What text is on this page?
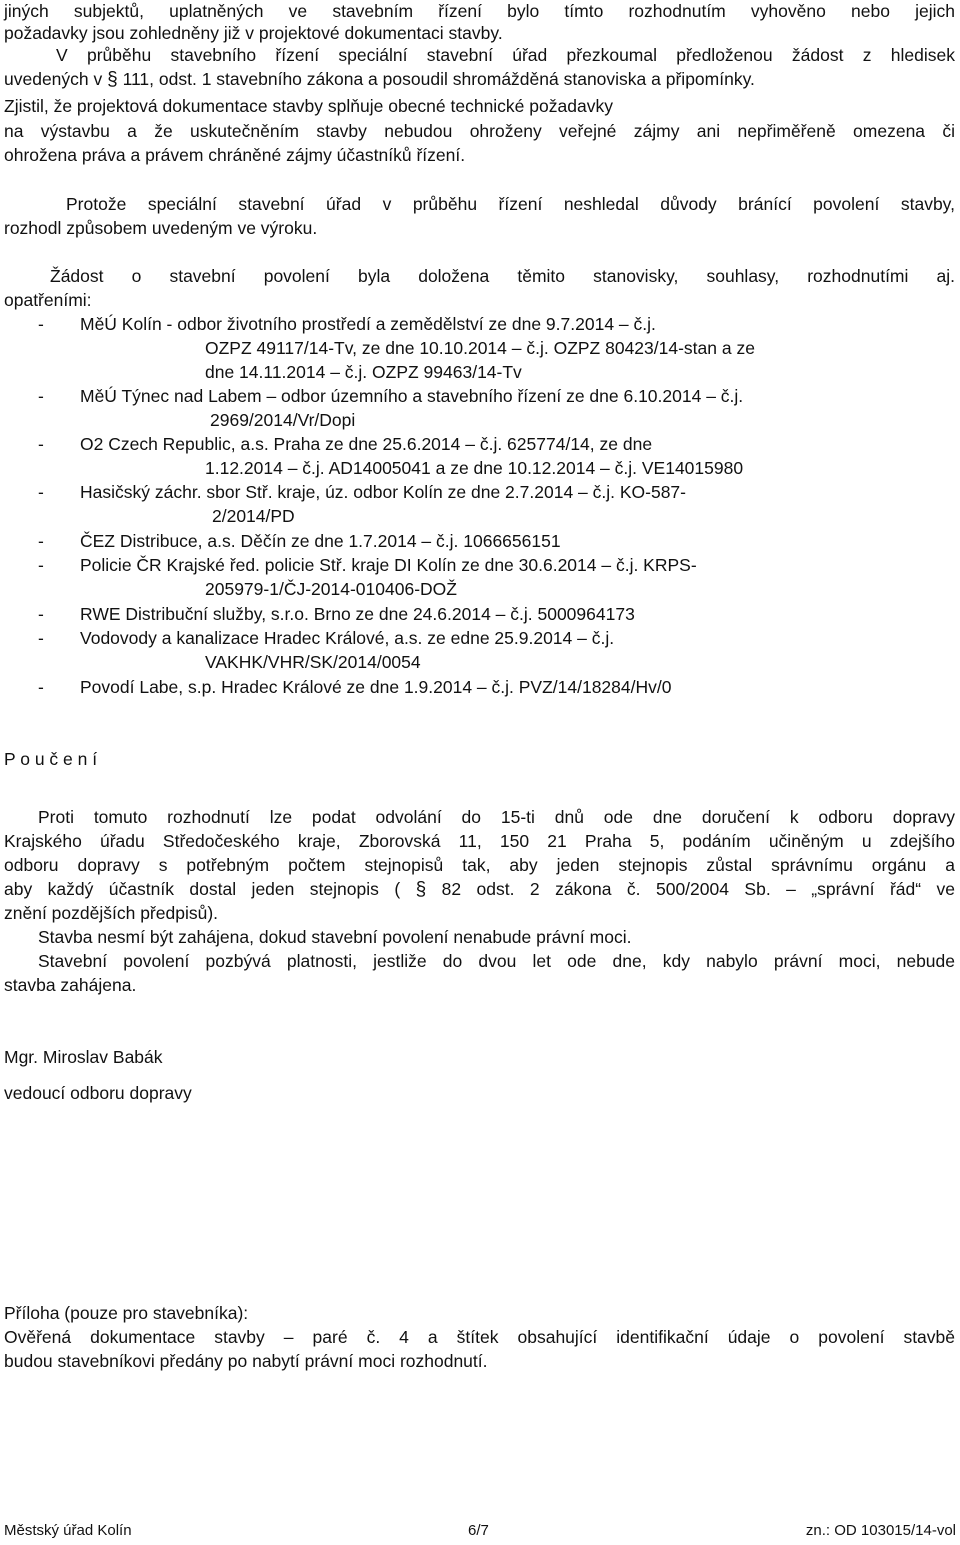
jiných subjektů, uplatněných ve stavebním řízení bylo tímto rozhodnutím vyhověno nebo jejich
požadavky jsou zohledněny již v projektové dokumentaci stavby.
V průběhu stavebního řízení speciální stavební úřad přezkoumal předloženou žádost z hledisek
uvedených v § 111, odst. 1 stavebního zákona a posoudil shromážděná stanoviska a připomínky.
Zjistil, že projektová dokumentace stavby splňuje obecné technické požadavky
na výstavbu a že uskutečněním stavby nebudou ohroženy veřejné zájmy ani nepřiměřeně omezena či
ohrožena práva a právem chráněné zájmy účastníků řízení.
Protože speciální stavební úřad v průběhu řízení neshledal důvody bránící povolení stavby,
rozhodl způsobem uvedeným ve výroku.
Žádost o stavební povolení byla doložena těmito stanovisky, souhlasy, rozhodnutími aj.
opatřeními:
- MěÚ Kolín - odbor životního prostředí a zemědělství ze dne 9.7.2014 – č.j.
OZPZ 49117/14-Tv, ze dne 10.10.2014 – č.j. OZPZ 80423/14-stan a ze
dne 14.11.2014 – č.j. OZPZ 99463/14-Tv
- MěÚ Týnec nad Labem – odbor územního a stavebního řízení ze dne 6.10.2014 – č.j.
2969/2014/Vr/Dopi
- O2 Czech Republic, a.s. Praha ze dne 25.6.2014 – č.j. 625774/14, ze dne
1.12.2014 – č.j. AD14005041 a ze dne 10.12.2014 – č.j. VE14015980
- Hasičský záchr. sbor Stř. kraje, úz. odbor Kolín ze dne 2.7.2014 – č.j. KO-587-
2/2014/PD
- ČEZ Distribuce, a.s. Děčín ze dne 1.7.2014 – č.j. 1066656151
- Policie ČR Krajské řed. policie Stř. kraje DI Kolín ze dne 30.6.2014 – č.j. KRPS-
205979-1/ČJ-2014-010406-DOŽ
- RWE Distribuční služby, s.r.o. Brno ze dne 24.6.2014 – č.j. 5000964173
- Vodovody a kanalizace Hradec Králové, a.s. ze edne 25.9.2014 – č.j.
VAKHK/VHR/SK/2014/0054
- Povodí Labe, s.p. Hradec Králové ze dne 1.9.2014 – č.j. PVZ/14/18284/Hv/0
P o u č e n í
Proti tomuto rozhodnutí lze podat odvolání do 15-ti dnů ode dne doručení k odboru dopravy
Krajského úřadu Středočeského kraje, Zborovská 11, 150 21 Praha 5, podáním učiněným u zdejšího
odboru dopravy s potřebným počtem stejnopisů tak, aby jeden stejnopis zůstal správnímu orgánu a
aby každý účastník dostal jeden stejnopis ( § 82 odst. 2 zákona č. 500/2004 Sb. – „správní řád“ ve
znění pozdějších předpisů).
Stavba nesmí být zahájena, dokud stavební povolení nenabude právní moci.
Stavební povolení pozbývá platnosti, jestliže do dvou let ode dne, kdy nabylo právní moci, nebude
stavba zahájena.
Mgr. Miroslav Babák
vedoucí odboru dopravy
Příloha (pouze pro stavebníka):
Ověřená dokumentace stavby – paré č. 4 a štítek obsahující identifikační údaje o povolení stavbě
budou stavebníkovi předány po nabytí právní moci rozhodnutí.
Městský úřad Kolín	6/7	zn.: OD 103015/14-vol
